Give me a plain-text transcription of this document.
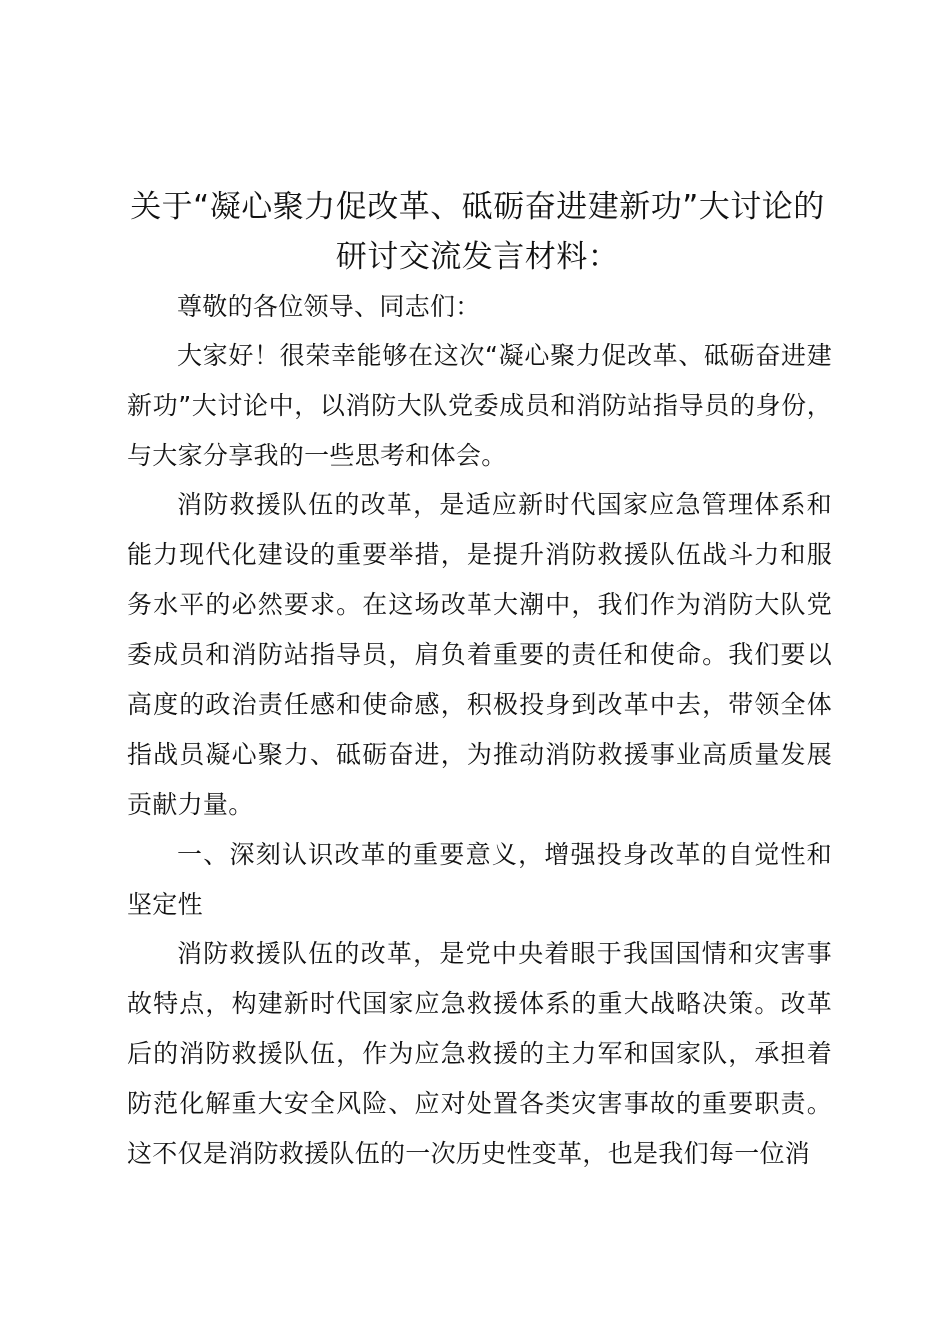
关于“凝心聚力促改革、砥砺奋进建新功”大讨论的研讨交流发言材料：
尊敬的各位领导、同志们：
大家好！很荣幸能够在这次“凝心聚力促改革、砥砺奋进建新功”大讨论中，以消防大队党委成员和消防站指导员的身份，与大家分享我的一些思考和体会。
消防救援队伍的改革，是适应新时代国家应急管理体系和能力现代化建设的重要举措，是提升消防救援队伍战斗力和服务水平的必然要求。在这场改革大潮中，我们作为消防大队党委成员和消防站指导员，肩负着重要的责任和使命。我们要以高度的政治责任感和使命感，积极投身到改革中去，带领全体指战员凝心聚力、砥砺奋进，为推动消防救援事业高质量发展贡献力量。
一、深刻认识改革的重要意义，增强投身改革的自觉性和坚定性
消防救援队伍的改革，是党中央着眼于我国国情和灾害事故特点，构建新时代国家应急救援体系的重大战略决策。改革后的消防救援队伍，作为应急救援的主力军和国家队，承担着防范化解重大安全风险、应对处置各类灾害事故的重要职责。这不仅是消防救援队伍的一次历史性变革，也是我们每一位消
